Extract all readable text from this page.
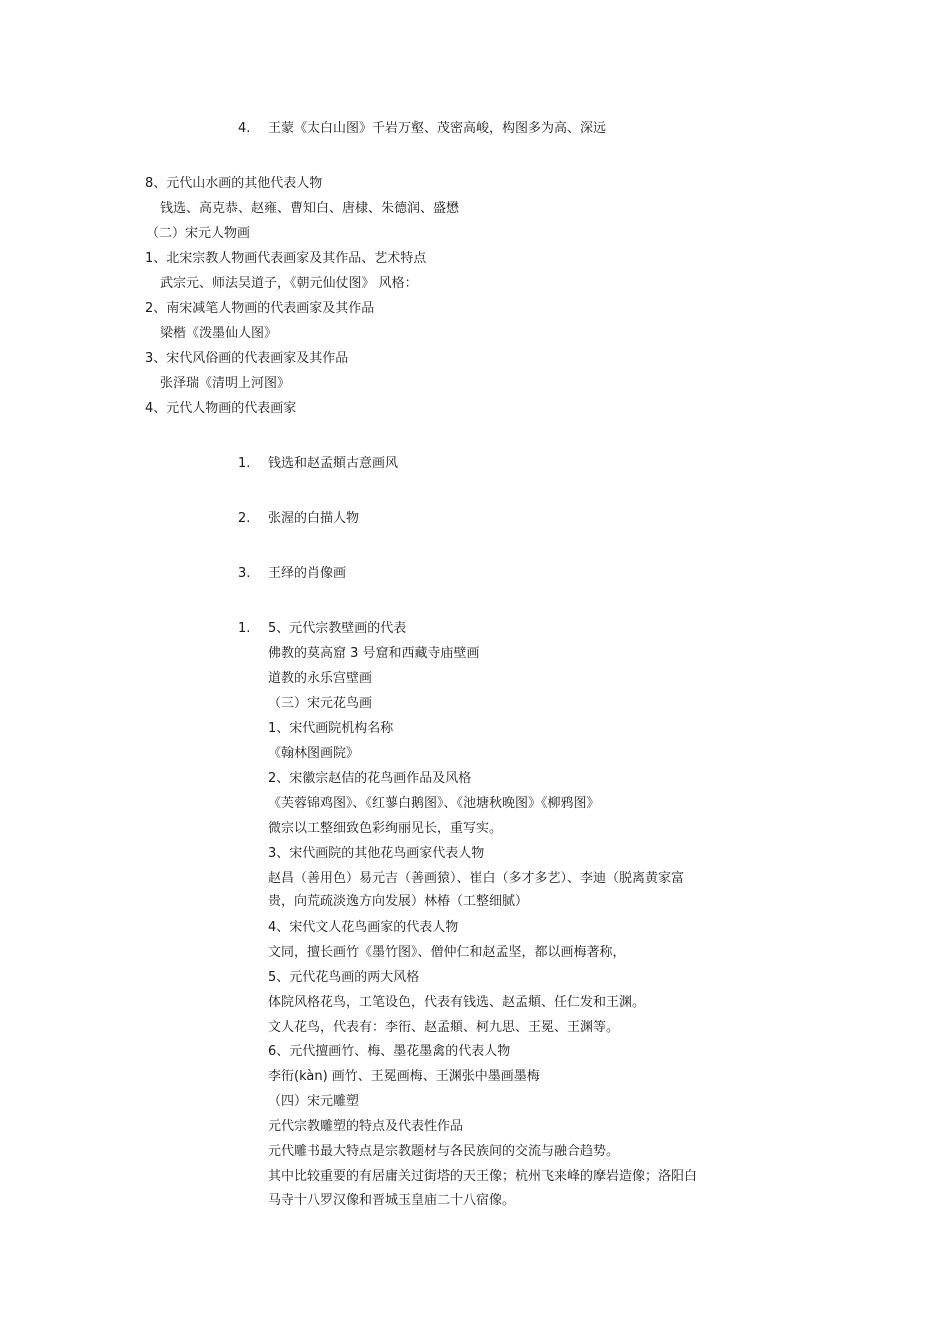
4. 王蒙《太白山图》千岩万壑、茂密高峻，构图多为高、深远
8、元代山水画的其他代表人物
钱选、高克恭、赵雍、曹知白、唐棣、朱德润、盛懋
（二）宋元人物画
1、北宋宗教人物画代表画家及其作品、艺术特点
武宗元、师法吴道子，《朝元仙仗图》 风格：
2、南宋减笔人物画的代表画家及其作品
梁楷《泼墨仙人图》
3、宋代风俗画的代表画家及其作品
张泽瑞《清明上河图》
4、元代人物画的代表画家
1. 钱选和赵孟頫古意画风
2. 张渥的白描人物
3. 王绎的肖像画
1. 5、元代宗教壁画的代表
佛教的莫高窟 3 号窟和西藏寺庙壁画
道教的永乐宫壁画
（三）宋元花鸟画
1、宋代画院机构名称
《翰林图画院》
2、宋徽宗赵佶的花鸟画作品及风格
《芙蓉锦鸡图》、《红蓼白鹅图》、《池塘秋晚图》《柳鸦图》
微宗以工整细致色彩绚丽见长，重写实。
3、宋代画院的其他花鸟画家代表人物
赵昌（善用色）易元吉（善画猿）、崔白（多才多艺）、李迪（脱离黄家富
贵，向荒疏淡逸方向发展）林椿（工整细腻）
4、宋代文人花鸟画家的代表人物
文同，擅长画竹《墨竹图》、僧仲仁和赵孟坚，都以画梅著称，
5、元代花鸟画的两大风格
体院风格花鸟，工笔设色，代表有钱选、赵孟頫、任仁发和王渊。
文人花鸟，代表有：李衎、赵孟頫、柯九思、王冕、王渊等。
6、元代擅画竹、梅、墨花墨禽的代表人物
李衎(kàn) 画竹、王冕画梅、王渊张中墨画墨梅
（四）宋元雕塑
元代宗教雕塑的特点及代表性作品
元代雕书最大特点是宗教题材与各民族间的交流与融合趋势。
其中比较重要的有居庸关过街塔的天王像；杭州飞来峰的摩岩造像；洛阳白
马寺十八罗汉像和晋城玉皇庙二十八宿像。
